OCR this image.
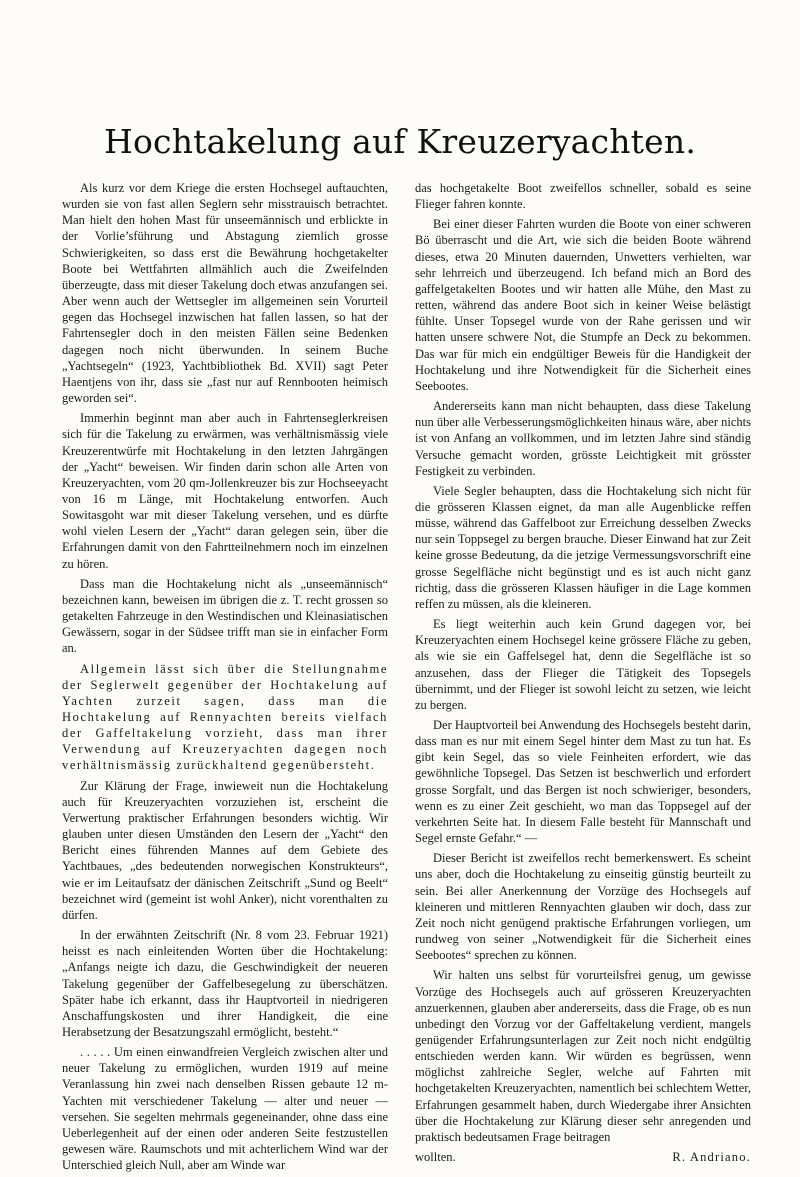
Hochtakelung auf Kreuzeryachten.

Als kurz vor dem Kriege die ersten Hochsegel auftauchten, wurden sie von fast allen Seglern sehr misstrauisch betrachtet. Man hielt den hohen Mast für unseemännisch und erblickte in der Vorlie’sführung und Abstagung ziemlich grosse Schwierigkeiten, so dass erst die Bewährung hochgetakelter Boote bei Wettfahrten allmählich auch die Zweifelnden überzeugte, dass mit dieser Takelung doch etwas anzufangen sei. Aber wenn auch der Wettsegler im allgemeinen sein Vorurteil gegen das Hochsegel inzwischen hat fallen lassen, so hat der Fahrtensegler doch in den meisten Fällen seine Bedenken dagegen noch nicht überwunden. In seinem Buche „Yachtsegeln“ (1923, Yachtbibliothek Bd. XVII) sagt Peter Haentjens von ihr, dass sie „fast nur auf Rennbooten heimisch geworden sei“.

Immerhin beginnt man aber auch in Fahrtenseglerkreisen sich für die Takelung zu erwärmen, was verhältnismässig viele Kreuzerentwürfe mit Hochtakelung in den letzten Jahrgängen der „Yacht“ beweisen. Wir finden darin schon alle Arten von Kreuzeryachten, vom 20 qm-Jollenkreuzer bis zur Hochseeyacht von 16 m Länge, mit Hochtakelung entworfen. Auch Sowitasgoht war mit dieser Takelung versehen, und es dürfte wohl vielen Lesern der „Yacht“ daran gelegen sein, über die Erfahrungen damit von den Fahrtteilnehmern noch im einzelnen zu hören.

Dass man die Hochtakelung nicht als „unseemännisch“ bezeichnen kann, beweisen im übrigen die z. T. recht grossen so getakelten Fahrzeuge in den Westindischen und Kleinasiatischen Gewässern, sogar in der Südsee trifft man sie in einfacher Form an.

Allgemein lässt sich über die Stellungnahme der Seglerwelt gegenüber der Hochtakelung auf Yachten zurzeit sagen, dass man die Hochtakelung auf Rennyachten bereits vielfach der Gaffeltakelung vorzieht, dass man ihrer Verwendung auf Kreuzeryachten dagegen noch verhältnismässig zurückhaltend gegenübersteht.

Zur Klärung der Frage, inwieweit nun die Hochtakelung auch für Kreuzeryachten vorzuziehen ist, erscheint die Verwertung praktischer Erfahrungen besonders wichtig. Wir glauben unter diesen Umständen den Lesern der „Yacht“ den Bericht eines führenden Mannes auf dem Gebiete des Yachtbaues, „des bedeutenden norwegischen Konstrukteurs“, wie er im Leitaufsatz der dänischen Zeitschrift „Sund og Beelt“ bezeichnet wird (gemeint ist wohl Anker), nicht vorenthalten zu dürfen.

In der erwähnten Zeitschrift (Nr. 8 vom 23. Februar 1921) heisst es nach einleitenden Worten über die Hochtakelung: „Anfangs neigte ich dazu, die Geschwindigkeit der neueren Takelung gegenüber der Gaffelbesegelung zu überschätzen. Später habe ich erkannt, dass ihr Hauptvorteil in niedrigeren Anschaffungskosten und ihrer Handigkeit, die eine Herabsetzung der Besatzungszahl ermöglicht, besteht.“

. . . . . Um einen einwandfreien Vergleich zwischen alter und neuer Takelung zu ermöglichen, wurden 1919 auf meine Veranlassung hin zwei nach denselben Rissen gebaute 12 m-Yachten mit verschiedener Takelung — alter und neuer — versehen. Sie segelten mehrmals gegeneinander, ohne dass eine Ueberlegenheit auf der einen oder anderen Seite festzustellen gewesen wäre. Raumschots und mit achterlichem Wind war der Unterschied gleich Null, aber am Winde war

das hochgetakelte Boot zweifellos schneller, sobald es seine Flieger fahren konnte.

Bei einer dieser Fahrten wurden die Boote von einer schweren Bö überrascht und die Art, wie sich die beiden Boote während dieses, etwa 20 Minuten dauernden, Unwetters verhielten, war sehr lehrreich und überzeugend. Ich befand mich an Bord des gaffelgetakelten Bootes und wir hatten alle Mühe, den Mast zu retten, während das andere Boot sich in keiner Weise belästigt fühlte. Unser Topsegel wurde von der Rahe gerissen und wir hatten unsere schwere Not, die Stumpfe an Deck zu bekommen. Das war für mich ein endgültiger Beweis für die Handigkeit der Hochtakelung und ihre Notwendigkeit für die Sicherheit eines Seebootes.

Andererseits kann man nicht behaupten, dass diese Takelung nun über alle Verbesserungsmöglichkeiten hinaus wäre, aber nichts ist von Anfang an vollkommen, und im letzten Jahre sind ständig Versuche gemacht worden, grösste Leichtigkeit mit grösster Festigkeit zu verbinden.

Viele Segler behaupten, dass die Hochtakelung sich nicht für die grösseren Klassen eignet, da man alle Augenblicke reffen müsse, während das Gaffelboot zur Erreichung desselben Zwecks nur sein Toppsegel zu bergen brauche. Dieser Einwand hat zur Zeit keine grosse Bedeutung, da die jetzige Vermessungsvorschrift eine grosse Segelfläche nicht begünstigt und es ist auch nicht ganz richtig, dass die grösseren Klassen häufiger in die Lage kommen reffen zu müssen, als die kleineren.

Es liegt weiterhin auch kein Grund dagegen vor, bei Kreuzeryachten einem Hochsegel keine grössere Fläche zu geben, als wie sie ein Gaffelsegel hat, denn die Segelfläche ist so anzusehen, dass der Flieger die Tätigkeit des Topsegels übernimmt, und der Flieger ist sowohl leicht zu setzen, wie leicht zu bergen.

Der Hauptvorteil bei Anwendung des Hochsegels besteht darin, dass man es nur mit einem Segel hinter dem Mast zu tun hat. Es gibt kein Segel, das so viele Feinheiten erfordert, wie das gewöhnliche Topsegel. Das Setzen ist beschwerlich und erfordert grosse Sorgfalt, und das Bergen ist noch schwieriger, besonders, wenn es zu einer Zeit geschieht, wo man das Toppsegel auf der verkehrten Seite hat. In diesem Falle besteht für Mannschaft und Segel ernste Gefahr.“ —

Dieser Bericht ist zweifellos recht bemerkenswert. Es scheint uns aber, doch die Hochtakelung zu einseitig günstig beurteilt zu sein. Bei aller Anerkennung der Vorzüge des Hochsegels auf kleineren und mittleren Rennyachten glauben wir doch, dass zur Zeit noch nicht genügend praktische Erfahrungen vorliegen, um rundweg von seiner „Notwendigkeit für die Sicherheit eines Seebootes“ sprechen zu können.

Wir halten uns selbst für vorurteilsfrei genug, um gewisse Vorzüge des Hochsegels auch auf grösseren Kreuzeryachten anzuerkennen, glauben aber andererseits, dass die Frage, ob es nun unbedingt den Vorzug vor der Gaffeltakelung verdient, mangels genügender Erfahrungsunterlagen zur Zeit noch nicht endgültig entschieden werden kann. Wir würden es begrüssen, wenn möglichst zahlreiche Segler, welche auf Fahrten mit hochgetakelten Kreuzeryachten, namentlich bei schlechtem Wetter, Erfahrungen gesammelt haben, durch Wiedergabe ihrer Ansichten über die Hochtakelung zur Klärung dieser sehr anregenden und praktisch bedeutsamen Frage beitragen

wollten.	R. Andriano.
